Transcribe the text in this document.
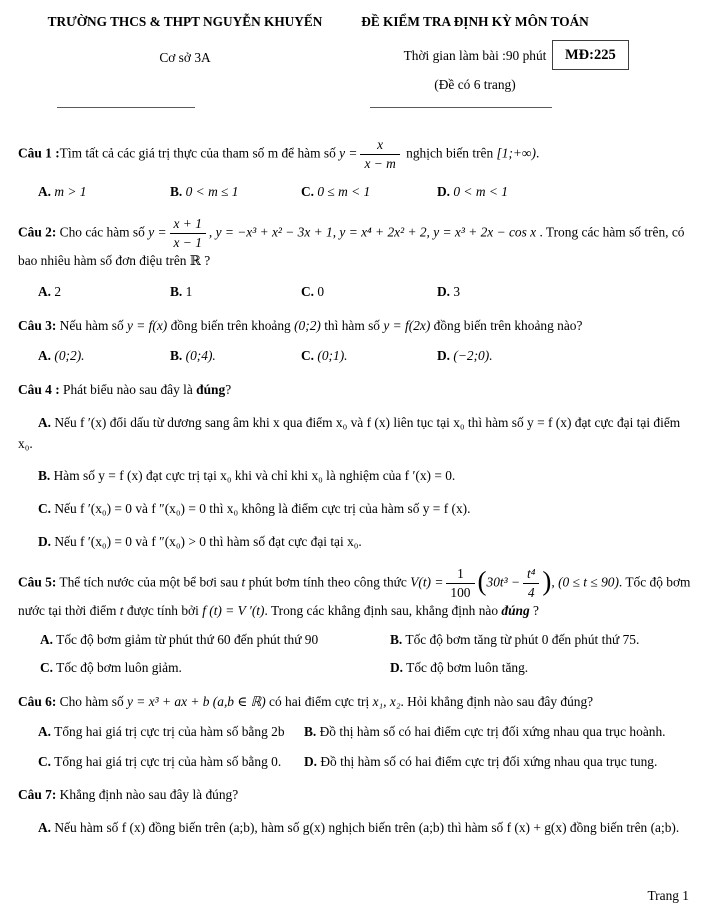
TRƯỜNG THCS & THPT NGUYỄN KHUYẾN
Cơ sở 3A
ĐỀ KIỂM TRA ĐỊNH KỲ MÔN TOÁN
Thời gian làm bài :90 phút
(Đề có 6 trang)
MĐ:225

Câu 1 :Tìm tất cả các giá trị thực của tham số m để hàm số $y = \frac{x}{x - m}$ nghịch biến trên [1;+∞).

A. m > 1	B. 0 < m ≤ 1	C. 0 ≤ m < 1	D. 0 < m < 1

Câu 2: Cho các hàm số $y = \frac{x + 1}{x - 1}$ , y = −x³ + x² − 3x + 1, y = x⁴ + 2x² + 2, y = x³ + 2x − cos x . Trong các hàm số trên, có bao nhiêu hàm số đơn điệu trên ℝ ?

A. 2	B. 1	C. 0	D. 3

Câu 3: Nếu hàm số y = f(x) đồng biến trên khoảng (0;2) thì hàm số y = f(2x) đồng biến trên khoảng nào?

A. (0;2).	B. (0;4).	C. (0;1).	D. (−2;0).

Câu 4 : Phát biểu nào sau đây là đúng?

A. Nếu f ′(x) đổi dấu từ dương sang âm khi x qua điểm x₀ và f (x) liên tục tại x₀ thì hàm số y = f (x) đạt cực đại tại điểm x₀.

B. Hàm số y = f (x) đạt cực trị tại x₀ khi và chỉ khi x₀ là nghiệm của f ′(x) = 0.

C. Nếu f ′(x₀) = 0 và f ″(x₀) = 0 thì x₀ không là điểm cực trị của hàm số y = f (x).

D. Nếu f ′(x₀) = 0 và f ″(x₀) > 0 thì hàm số đạt cực đại tại x₀.

Câu 5: Thể tích nước của một bể bơi sau t phút bơm tính theo công thức $V(t) = \frac{1}{100} (30t^3 - \frac{\text{t⁴}}{4}$ ), (0 ≤ t ≤ 90). Tốc độ bơm nước tại thời điểm t được tính bởi f (t) = V ′(t). Trong các khẳng định sau, khẳng định nào đúng ?

A. Tốc độ bơm giảm từ phút thứ 60 đến phút thứ 90	B. Tốc độ bơm tăng từ phút 0 đến phút thứ 75.
C. Tốc độ bơm luôn giảm.	D. Tốc độ bơm luôn tăng.

Câu 6: Cho hàm số y = x³ + ax + b (a,b ∈ ℝ) có hai điểm cực trị x₁, x₂. Hỏi khẳng định nào sau đây đúng?

A. Tổng hai giá trị cực trị của hàm số bằng 2b	B. Đồ thị hàm số có hai điểm cực trị đối xứng nhau qua trục hoành.
C. Tổng hai giá trị cực trị của hàm số bằng 0.	D. Đồ thị hàm số có hai điểm cực trị đối xứng nhau qua trục tung.

Câu 7: Khẳng định nào sau đây là đúng?

A. Nếu hàm số f (x) đồng biến trên (a;b), hàm số g(x) nghịch biến trên (a;b) thì hàm số f (x) + g(x) đồng biến trên (a;b).

Trang 1
